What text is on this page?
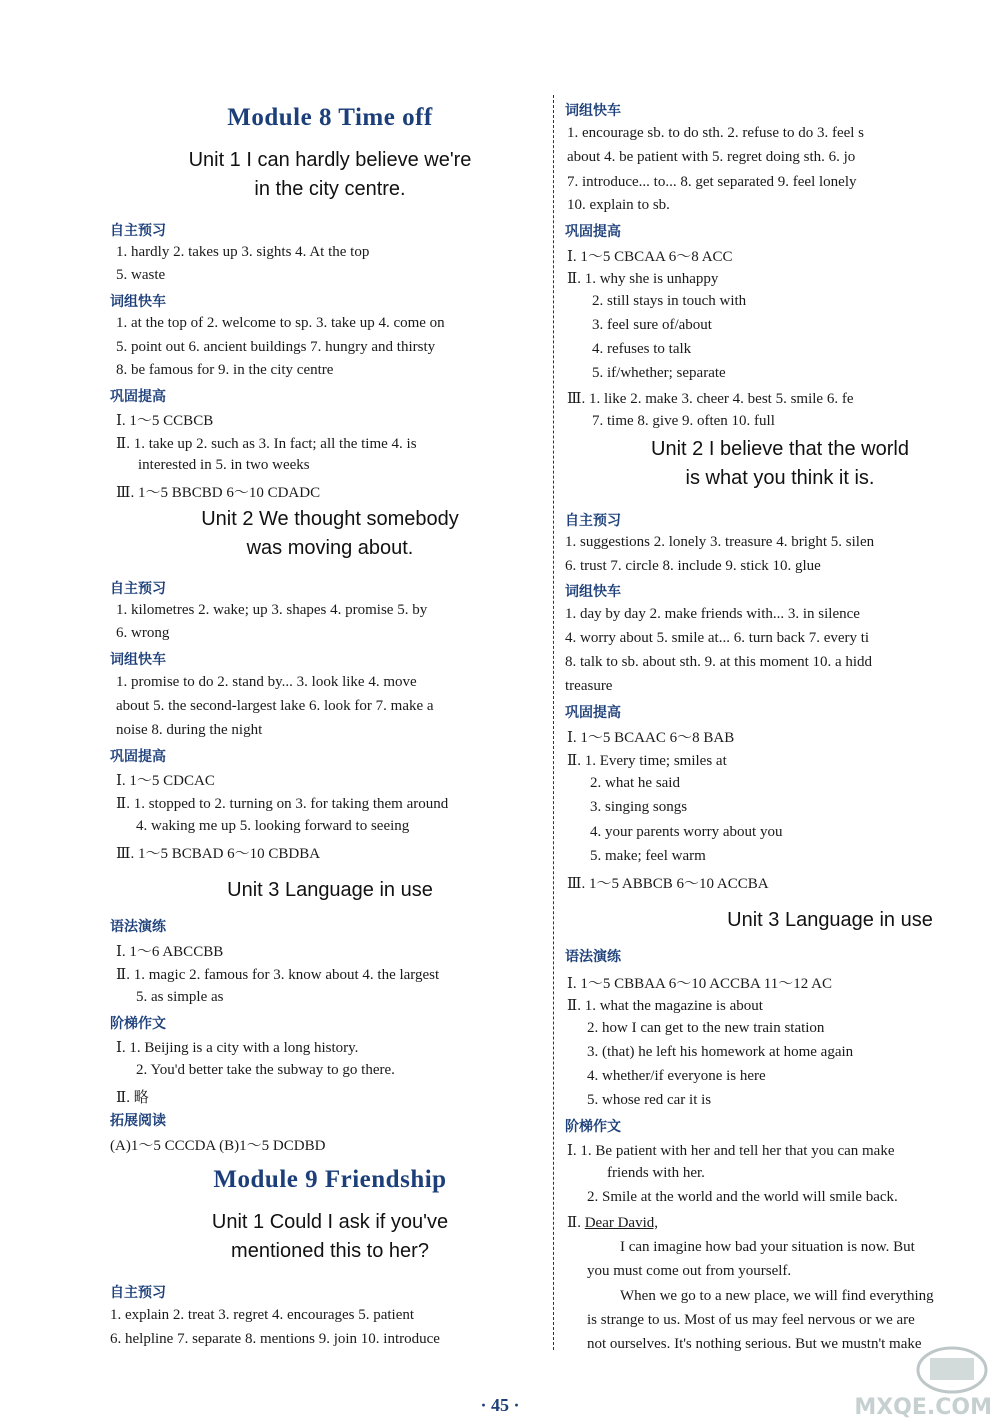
Module 8 Time off
Unit 1 I can hardly believe we're
in the city centre.
自主预习
1. hardly 2. takes up 3. sights 4. At the top
5. waste
词组快车
1. at the top of 2. welcome to sp. 3. take up 4. come on
5. point out 6. ancient buildings 7. hungry and thirsty
8. be famous for 9. in the city centre
巩固提高
Ⅰ. 1～5 CCBCB
Ⅱ. 1. take up 2. such as 3. In fact; all the time 4. is
interested in 5. in two weeks
Ⅲ. 1～5 BBCBD 6～10 CDADC
Unit 2 We thought somebody
was moving about.
自主预习
1. kilometres 2. wake; up 3. shapes 4. promise 5. by
6. wrong
词组快车
1. promise to do 2. stand by... 3. look like 4. move
about 5. the second-largest lake 6. look for 7. make a
noise 8. during the night
巩固提高
Ⅰ. 1～5 CDCAC
Ⅱ. 1. stopped to 2. turning on 3. for taking them around
4. waking me up 5. looking forward to seeing
Ⅲ. 1～5 BCBAD 6～10 CBDBA
Unit 3 Language in use
语法演练
Ⅰ. 1～6 ABCCBB
Ⅱ. 1. magic 2. famous for 3. know about 4. the largest
5. as simple as
阶梯作文
Ⅰ. 1. Beijing is a city with a long history.
2. You'd better take the subway to go there.
Ⅱ. 略
拓展阅读
(A)1～5 CCCDA (B)1～5 DCDBD
Module 9 Friendship
Unit 1 Could I ask if you've
mentioned this to her?
自主预习
1. explain 2. treat 3. regret 4. encourages 5. patient
6. helpline 7. separate 8. mentions 9. join 10. introduce
词组快车
1. encourage sb. to do sth. 2. refuse to do 3. feel s
about 4. be patient with 5. regret doing sth. 6. jo
7. introduce... to... 8. get separated 9. feel lonely
10. explain to sb.
巩固提高
Ⅰ. 1～5 CBCAA 6～8 ACC
Ⅱ. 1. why she is unhappy
2. still stays in touch with
3. feel sure of/about
4. refuses to talk
5. if/whether; separate
Ⅲ. 1. like 2. make 3. cheer 4. best 5. smile 6. fe
7. time 8. give 9. often 10. full
Unit 2 I believe that the world
is what you think it is.
自主预习
1. suggestions 2. lonely 3. treasure 4. bright 5. silen
6. trust 7. circle 8. include 9. stick 10. glue
词组快车
1. day by day 2. make friends with... 3. in silence
4. worry about 5. smile at... 6. turn back 7. every ti
8. talk to sb. about sth. 9. at this moment 10. a hidd
treasure
巩固提高
Ⅰ. 1～5 BCAAC 6～8 BAB
Ⅱ. 1. Every time; smiles at
2. what he said
3. singing songs
4. your parents worry about you
5. make; feel warm
Ⅲ. 1～5 ABBCB 6～10 ACCBA
Unit 3 Language in use
语法演练
Ⅰ. 1～5 CBBAA 6～10 ACCBA 11～12 AC
Ⅱ. 1. what the magazine is about
2. how I can get to the new train station
3. (that) he left his homework at home again
4. whether/if everyone is here
5. whose red car it is
阶梯作文
Ⅰ. 1. Be patient with her and tell her that you can make
friends with her.
2. Smile at the world and the world will smile back.
Ⅱ. Dear David,
I can imagine how bad your situation is now. But
you must come out from yourself.
When we go to a new place, we will find everything
is strange to us. Most of us may feel nervous or we are
not ourselves. It's nothing serious. But we mustn't make
· 45 ·	MXQE.COM
